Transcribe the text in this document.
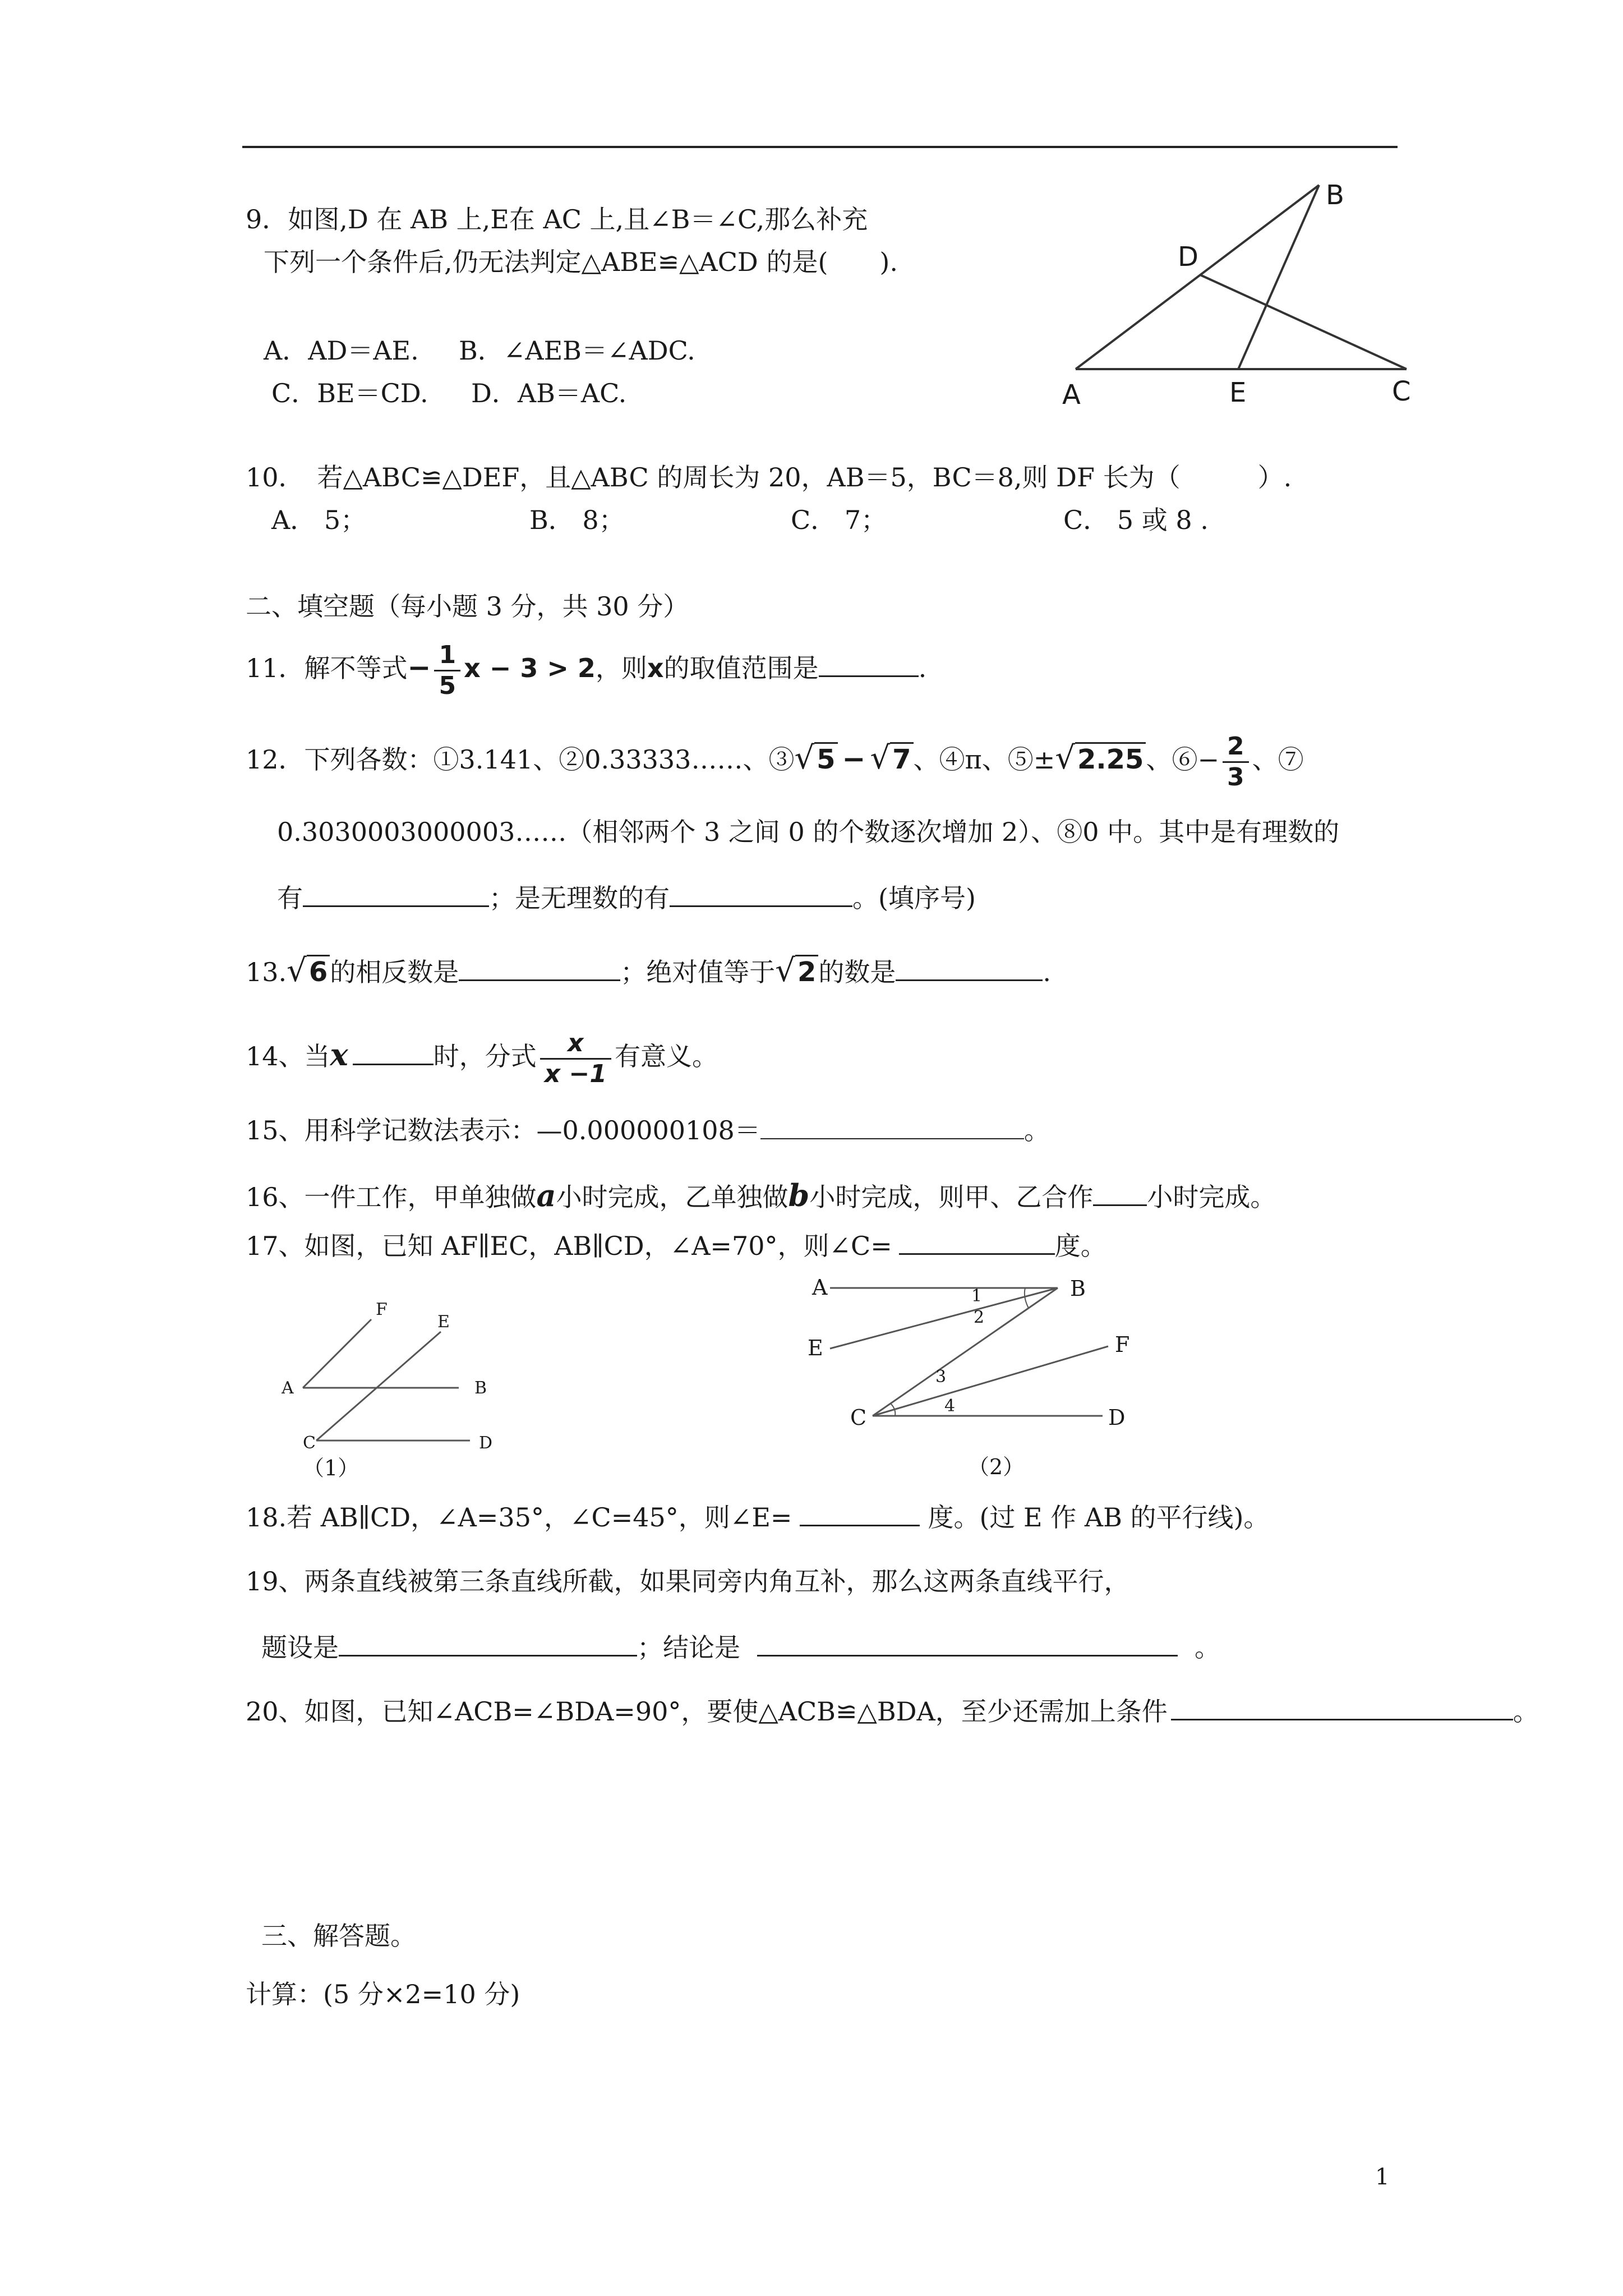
9．如图,D 在 AB 上,E在 AC 上,且∠B＝∠C,那么补充
下列一个条件后,仍无法判定△ABE≌△ACD 的是(　　).
A．AD＝AE. B．∠AEB＝∠ADC.
C．BE＝CD. D．AB＝AC.
B
D
A	E	C
10．　若△ABC≌△DEF，且△ABC 的周长为 20，AB＝5，BC＝8,则 DF 长为（　　　）.
A． 5；	B． 8；	C． 7；	C． 5 或 8 .
二、填空题（每小题 3 分，共 30 分）
11．解不等式− $\frac{1}{5}$ x − 3 > 2，则x的取值范围是	.
12．下列各数：①3.141、②0.33333……、③√5 − √7、④π、⑤±√2.25、⑥− $\frac{2}{3}$ 、⑦
0.3030003000003……（相邻两个 3 之间 0 的个数逐次增加 2）、⑧0 中。其中是有理数的
有	；是无理数的有	。(填序号)
13.√6的相反数是	；绝对值等于√2的数是	.
14、当x	时，分式 $\frac{x}{x -1}$ 有意义。
15、用科学记数法表示：—0.000000108＝	。
16、一件工作，甲单独做a小时完成，乙单独做b小时完成，则甲、乙合作 小时完成。
17、如图，已知 AF∥EC，AB∥CD，∠A=70°，则∠C=	度。
F
E
A	B
C	D
（1）
A	B
E	F
C	D
1
2
3
4
（2）
18.若 AB∥CD，∠A=35°，∠C=45°，则∠E=	度。(过 E 作 AB 的平行线)。
19、两条直线被第三条直线所截，如果同旁内角互补，那么这两条直线平行，
题设是	；结论是	。
20、如图，已知∠ACB=∠BDA=90°，要使△ACB≌△BDA，至少还需加上条件	。
三、解答题。
计算：(5 分×2=10 分)
1
